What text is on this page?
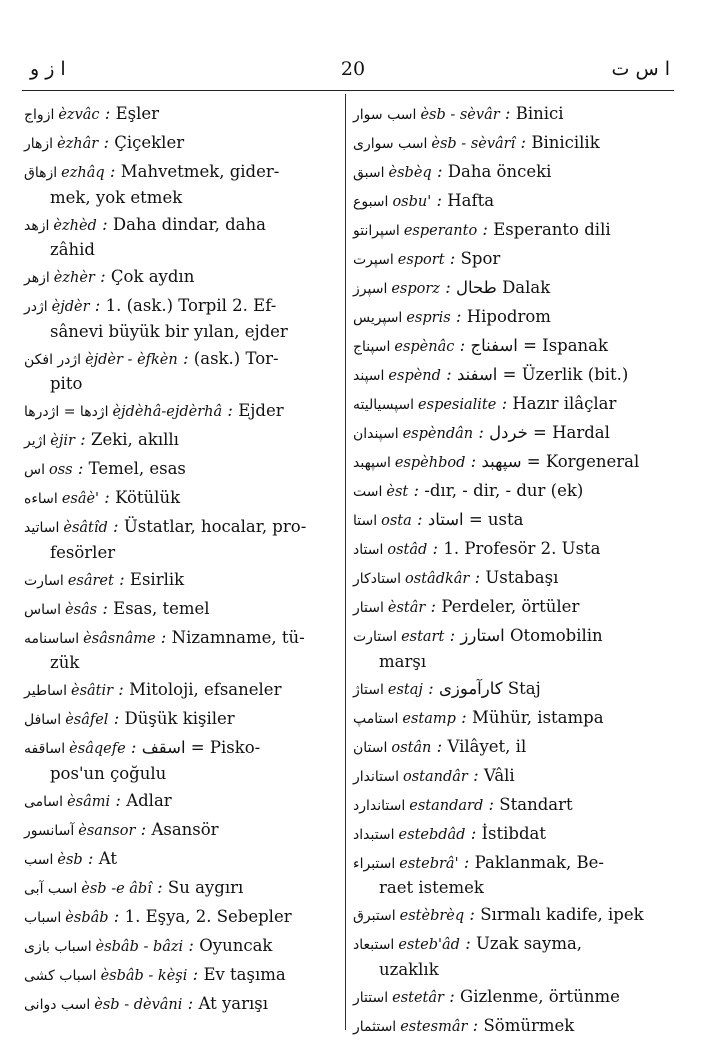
ا ز و	20	ا س ت
ازواج èzvâc : Eşler
ازهار èzhâr : Çiçekler
ازهاق ezhâq : Mahvetmek, gider-
mek, yok etmek
ازهد èzhèd : Daha dindar, daha
zâhid
ازهر èzhèr : Çok aydın
اژدر èjdèr : 1. (ask.) Torpil 2. Ef-
sânevi büyük bir yılan, ejder
اژدر افکن èjdèr - èfkèn : (ask.) Tor-
pito
اژدها = اژدرها èjdèhâ-ejdèrhâ : Ejder
اژیر èjir : Zeki, akıllı
اس oss : Temel, esas
اساءه esâè' : Kötülük
اساتید èsâtîd : Üstatlar, hocalar, pro-
fesörler
اسارت esâret : Esirlik
اساس èsâs : Esas, temel
اساسنامه èsâsnâme : Nizamname, tü-
zük
اساطیر èsâtir : Mitoloji, efsaneler
اسافل èsâfel : Düşük kişiler
اساقفه èsâqefe : اسقف = Pisko-
pos'un çoğulu
اسامی èsâmi : Adlar
آسانسور èsansor : Asansör
اسب èsb : At
اسب آبی èsb -e âbî : Su aygırı
اسباب èsbâb : 1. Eşya, 2. Sebepler
اسباب بازی èsbâb - bâzi : Oyuncak
اسباب کشی èsbâb - kèşi : Ev taşıma
اسب دوانی èsb - dèvâni : At yarışı
اسب سوار èsb - sèvâr : Binici
اسب سواری èsb - sèvârî : Binicilik
اسبق èsbèq : Daha önceki
اسبوع osbu' : Hafta
اسپرانتو esperanto : Esperanto dili
اسپرت esport : Spor
اسپرز esporz : طحال Dalak
اسپریس espris : Hipodrom
اسپناج espènâc : اسفناج = Ispanak
اسپند espènd : اسفند = Üzerlik (bit.)
اسپسیالیته espesialite : Hazır ilâçlar
اسپندان espèndân : خردل = Hardal
اسپهبد espèhbod : سپهبد = Korgeneral
است èst : -dır, - dir, - dur (ek)
استا osta : استاد = usta
استاد ostâd : 1. Profesör 2. Usta
استادکار ostâdkâr : Ustabaşı
استار èstâr : Perdeler, örtüler
استارت estart : استارز Otomobilin
marşı
استاژ estaj : کارآموزی Staj
استامپ estamp : Mühür, istampa
استان ostân : Vilâyet, il
استاندار ostandâr : Vâli
استاندارد estandard : Standart
استبداد estebdâd : İstibdat
استبراء estebrâ' : Paklanmak, Be-
raet istemek
استبرق estèbrèq : Sırmalı kadife, ipek
استبعاد esteb'âd : Uzak sayma,
uzaklık
استتار estetâr : Gizlenme, örtünme
استثمار estesmâr : Sömürmek
